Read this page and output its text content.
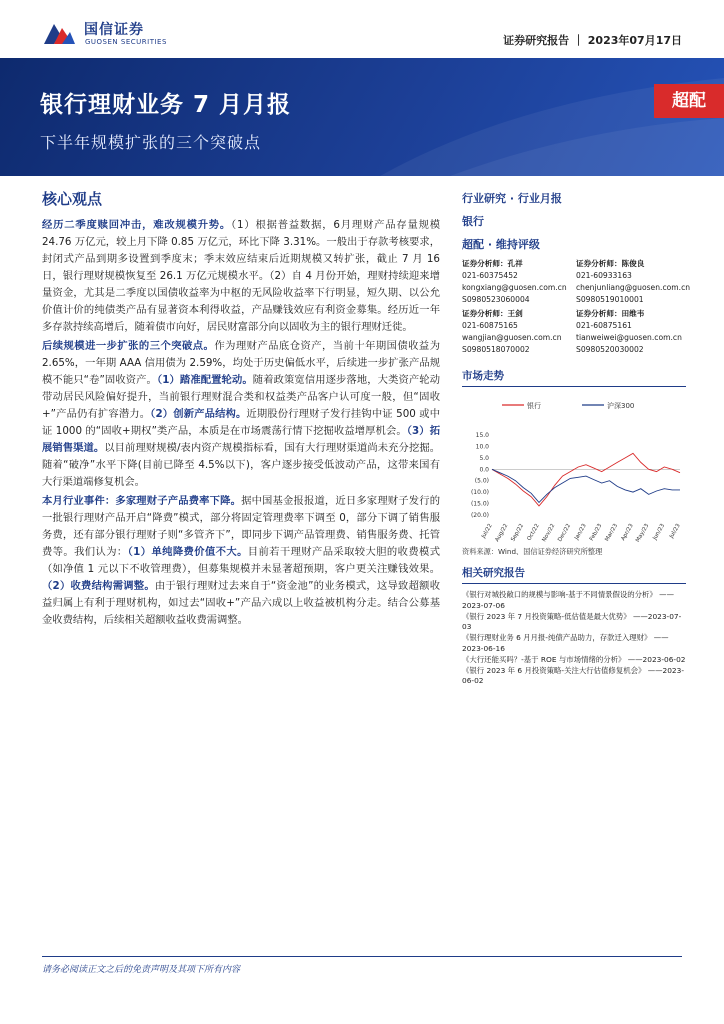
国信证券
GUOSEN SECURITIES	证券研究报告 ｜ 2023年07月17日
银行理财业务 7 月月报
下半年规模扩张的三个突破点
超配
核心观点
经历二季度赎回冲击，难改规模升势。（1）根据普益数据，6月理财产品存量规模 24.76 万亿元，较上月下降 0.85 万亿元，环比下降 3.31%。一般出于存款考核要求，封闭式产品到期多设置到季度末；季末效应结束后近期规模又转扩张，截止 7 月 16 日，银行理财规模恢复至 26.1 万亿元规模水平。（2）自 4 月份开始，理财持续迎来增量资金，尤其是二季度以国债收益率为中枢的无风险收益率下行明显，短久期、以公允价值计价的纯债类产品有显著资本利得收益，产品赚钱效应有利资金募集。经历近一年多存款持续高增后，随着债市向好，居民财富部分向以固收为主的银行理财迁徙。
后续规模进一步扩张的三个突破点。作为理财产品底仓资产，当前十年期国债收益为 2.65%，一年期 AAA 信用债为 2.59%，均处于历史偏低水平，后续进一步扩张产品规模不能只“卷”固收资产。（1）踏准配置轮动。随着政策宽信用逐步落地，大类资产轮动带动居民风险偏好提升，当前银行理财混合类和权益类产品客户认可度一般，但“固收+”产品仍有扩容潜力。（2）创新产品结构。近期股份行理财子发行挂钩中证 500 或中证 1000 的“固收+期权”类产品，本质是在市场震荡行情下挖掘收益增厚机会。（3）拓展销售渠道。以目前理财规模/表内资产规模指标看，国有大行理财渠道尚未充分挖掘。随着“破净”水平下降(目前已降至 4.5%以下)，客户逐步接受低波动产品，这带来国有大行渠道端修复机会。
本月行业事件：多家理财子产品费率下降。据中国基金报报道，近日多家理财子发行的一批银行理财产品开启“降费”模式，部分将固定管理费率下调至 0，部分下调了销售服务费，还有部分银行理财子则“多管齐下”，即同步下调产品管理费、销售服务费、托管费等。我们认为：（1）单纯降费价值不大。目前若干理财产品采取较大胆的收费模式（如净值 1 元以下不收管理费），但募集规模并未显著超预期，客户更关注赚钱效果。（2）收费结构需调整。由于银行理财过去来自于“资金池”的业务模式，这导致超额收益归属上有利于理财机构，如过去“固收+”产品六成以上收益被机构分走。结合公募基金收费结构，后续相关超额收益收费需调整。
行业研究 · 行业月报
银行
超配 · 维持评级
证券分析师：孔祥
021-60375452
kongxiang@guosen.com.cn
S0980523060004
证券分析师：陈俊良
021-60933163
chenjunliang@guosen.com.cn
S0980519010001
证券分析师：王剑
021-60875165
wangjian@guosen.com.cn
S0980518070002
证券分析师：田维韦
021-60875161
tianweiwei@guosen.com.cn
S0980520030002
市场走势
银行	沪深300
15.0
10.0
5.0
0.0
(5.0)
(10.0)
(15.0)
(20.0)
Jul/22 Aug/22 Sep/22 Oct/22 Nov/22 Dec/22 Jan/23 Feb/23 Mar/23 Apr/23 May/23 Jun/23 Jul/23
资料来源：Wind、国信证券经济研究所整理
相关研究报告
《银行对城投敞口的规模与影响-基于不同情景假设的分析》 ——2023-07-06
《银行 2023 年 7 月投资策略-低估值是最大优势》 ——2023-07-03
《银行理财业务 6 月月报-纯债产品助力，存款迁入理财》 ——2023-06-16
《大行还能买吗？-基于 ROE 与市场情绪的分析》 ——2023-06-02
《银行 2023 年 6 月投资策略-关注大行估值修复机会》 ——2023-06-02
请务必阅读正文之后的免责声明及其项下所有内容
